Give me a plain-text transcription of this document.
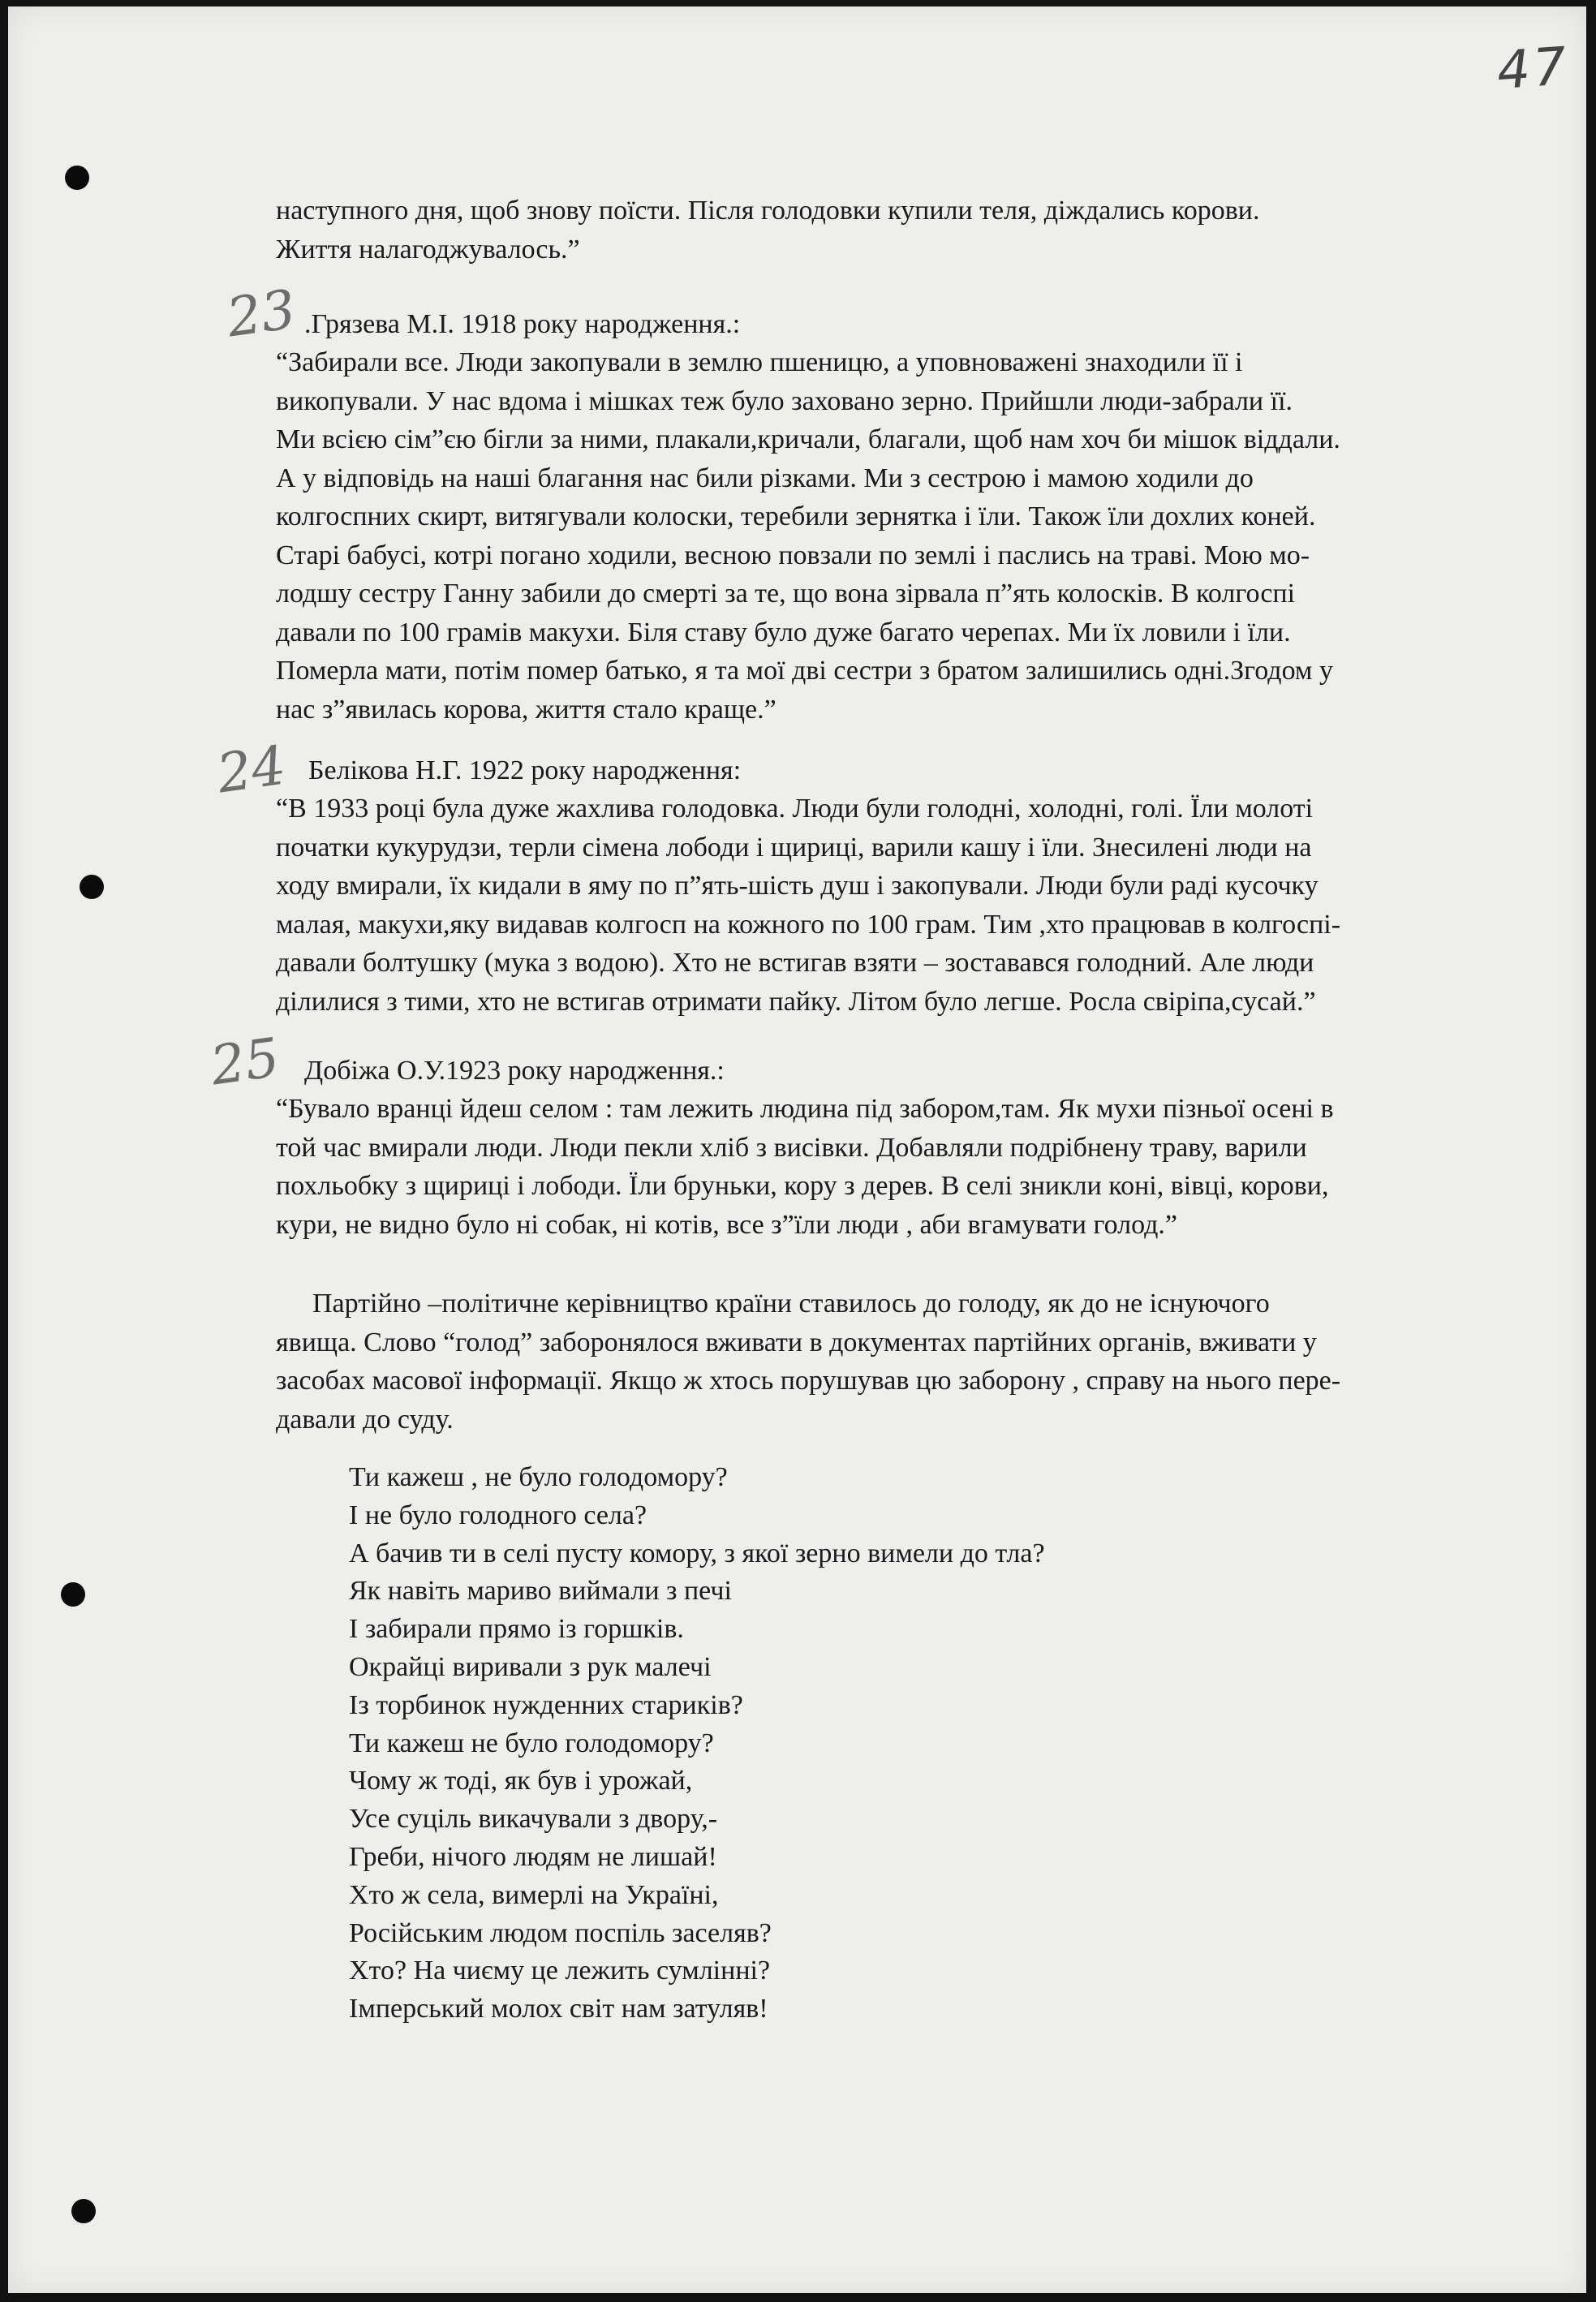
47
наступного дня, щоб знову поїсти. Після голодовки купили теля, діждались корови.
Життя налагоджувалось.”
23 .Грязева М.І. 1918 року народження.:
“Забирали все. Люди закопували в землю пшеницю, а уповноважені знаходили її і
викопували. У нас вдома і мішках теж було заховано зерно. Прийшли люди-забрали її.
Ми всією сім”єю бігли за ними, плакали,кричали, благали, щоб нам хоч би мішок віддали.
А у відповідь на наші благання нас били різками. Ми з сестрою і мамою ходили до
колгоспних скирт, витягували колоски, теребили зернятка і їли. Також їли дохлих коней.
Старі бабусі, котрі погано ходили, весною повзали по землі і паслись на траві. Мою мо-
лодшу сестру Ганну забили до смерті за те, що вона зірвала п”ять колосків. В колгоспі
давали по 100 грамів макухи. Біля ставу було дуже багато черепах. Ми їх ловили і їли.
Померла мати, потім помер батько, я та мої дві сестри з братом залишились одні.Згодом у
нас з”явилась корова, життя стало краще.”
24 Белікова Н.Г. 1922 року народження:
“В 1933 році була дуже жахлива голодовка. Люди були голодні, холодні, голі. Їли молоті
початки кукурудзи, терли сімена лободи і щириці, варили кашу і їли. Знесилені люди на
ходу вмирали, їх кидали в яму по п”ять-шість душ і закопували. Люди були раді кусочку
малая, макухи,яку видавав колгосп на кожного по 100 грам. Тим ,хто працював в колгоспі-
давали болтушку (мука з водою). Хто не встигав взяти – зоставався голодний. Але люди
ділилися з тими, хто не встигав отримати пайку. Літом було легше. Росла свіріпа,сусай.”
25 Добіжа О.У.1923 року народження.:
“Бувало вранці йдеш селом : там лежить людина під забором,там. Як мухи пізньої осені в
той час вмирали люди. Люди пекли хліб з висівки. Добавляли подрібнену траву, варили
похльобку з щириці і лободи. Їли бруньки, кору з дерев. В селі зникли коні, вівці, корови,
кури, не видно було ні собак, ні котів, все з”їли люди , аби вгамувати голод.”
Партійно –політичне керівництво країни ставилось до голоду, як до не існуючого
явища. Слово “голод” заборонялося вживати в документах партійних органів, вживати у
засобах масової інформації. Якщо ж хтось порушував цю заборону , справу на нього пере-
давали до суду.
Ти кажеш , не було голодомору?
І не було голодного села?
А бачив ти в селі пусту комору, з якої зерно вимели до тла?
Як навіть мариво виймали з печі
І забирали прямо із горшків.
Окрайці виривали з рук малечі
Із торбинок нужденних стариків?
Ти кажеш не було голодомору?
Чому ж тоді, як був і урожай,
Усе суціль викачували з двору,-
Греби, нічого людям не лишай!
Хто ж села, вимерлі на Україні,
Російським людом поспіль заселяв?
Хто? На чиєму це лежить сумлінні?
Імперський молох світ нам затуляв!
